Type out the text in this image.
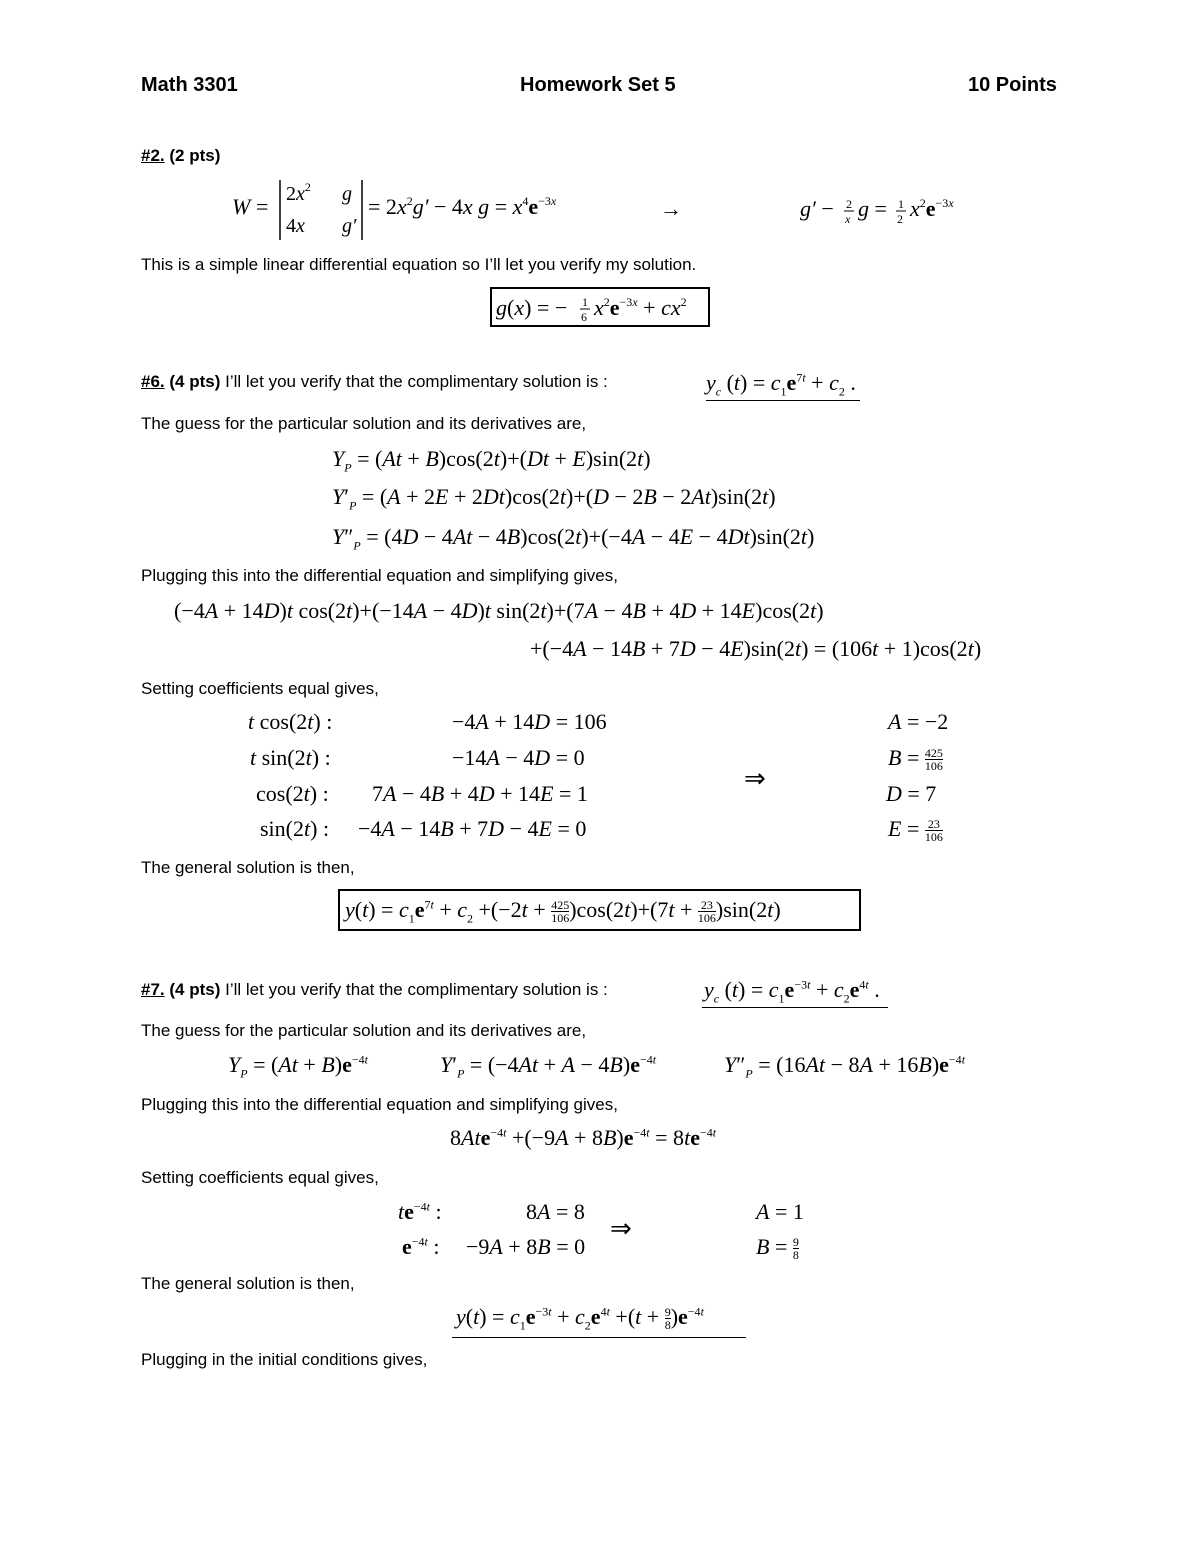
Math 3301	Homework Set 5	10 Points
#2. (2 pts)
$W = 2x^2$ g
4x g′
= $2x^2g' - 4x$ $g = x^4e^{-3x}$	→	g′ − 2
x g = 1
2 $x^2e^{-3x}$
This is a simple linear differential equation so I’ll let you verify my solution.
g(x) = − 1
6 $x^2e^{-3x} + cx^2$
#6. (4 pts) I’ll let you verify that the complimentary solution is :	$y_c$ $(t) = c_1e^{7t} + c_2$ .
The guess for the particular solution and its derivatives are,
$Y_P = (At + B)\cos(2t)+(Dt + E)\sin(2t)$
$Y'_P = (A + 2E + 2Dt)\cos(2t)+(D - 2B - 2At)\sin(2t)$
$Y''_P = (4D - 4At - 4B)\cos(2t)+(-4A - 4E - 4Dt)\sin(2t)$
Plugging this into the differential equation and simplifying gives,
(−4A + 14D)t cos(2t)+(−14A − 4D)t sin(2t)+(7A − 4B + 4D + 14E)cos(2t)
+(−4A − 14B + 7D − 4E)sin(2t) = (106t + 1)cos(2t)
Setting coefficients equal gives,
t cos(2t) :	−4A + 14D = 106	A = −2
t sin(2t) :	−14A − 4D = 0	$B = \frac{425}{106}$
⇒
cos(2t) : 7A − 4B + 4D + 14E = 1	D = 7
sin(2t) : −4A − 14B + 7D − 4E = 0	$E = \frac{23}{106}$
The general solution is then,
$y(t) = c_1e^{7t} + c_2 +(-2t + \frac{425}{106} )\cos(2t)+(7t + \frac{23}{106} )\sin(2t)$
#7. (4 pts) I’ll let you verify that the complimentary solution is :	$y_c$ $(t) = c_1e^{-3t} + c_2e^{4t}$ .
The guess for the particular solution and its derivatives are,
$Y_P = (At + B)e^{-4t}$	$Y'_P = (-4At + A - 4B)e^{-4t}$	$Y''_P = (16At - 8A + 16B)e^{-4t}$
Plugging this into the differential equation and simplifying gives,
$8Ate^{-4t} +(-9A + 8B)e^{-4t} = 8te^{-4t}$
Setting coefficients equal gives,
$te^{-4t}$ :	8A = 8	A = 1
⇒
$e^{-4t}$ : −9A + 8B = 0	$B = \frac{9}{8}$
The general solution is then,
$y(t) = c_1e^{-3t} + c_2e^{4t} +(t + \frac{9}{8} )e^{-4t}$
Plugging in the initial conditions gives,
